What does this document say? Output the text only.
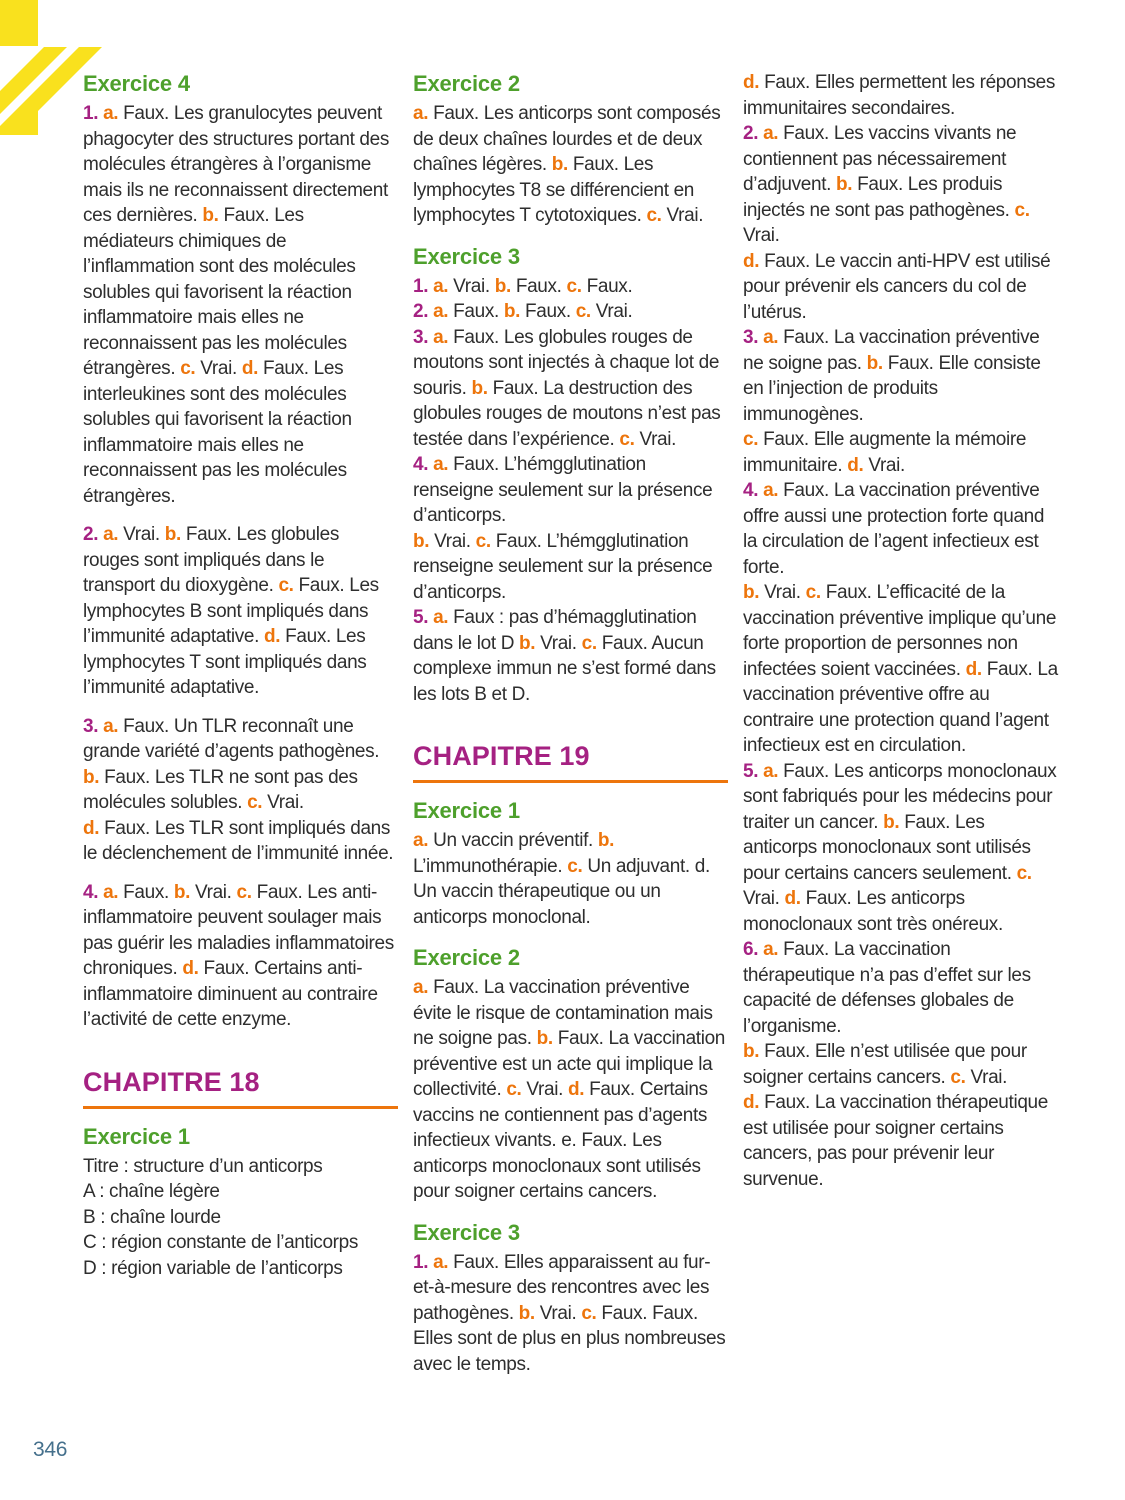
Exercice 4

1. a. Faux. Les granulocytes peuvent phagocyter des structures portant des molécules étrangères à l’organisme mais ils ne reconnaissent directement ces dernières. b. Faux. Les médiateurs chimiques de l’inflammation sont des molécules solubles qui favorisent la réaction inflammatoire mais elles ne reconnaissent pas les molécules étrangères. c. Vrai. d. Faux. Les interleukines sont des molécules solubles qui favorisent la réaction inflammatoire mais elles ne reconnaissent pas les molécules étrangères.

2. a. Vrai. b. Faux. Les globules rouges sont impliqués dans le transport du dioxygène. c. Faux. Les lymphocytes B sont impliqués dans l’immunité adaptative. d. Faux. Les lymphocytes T sont impliqués dans l’immunité adaptative.

3. a. Faux. Un TLR reconnaît une grande variété d’agents pathogènes.

b. Faux. Les TLR ne sont pas des molécules solubles. c. Vrai.

d. Faux. Les TLR sont impliqués dans le déclenchement de l’immunité innée.

4. a. Faux. b. Vrai. c. Faux. Les anti-inflammatoire peuvent soulager mais pas guérir les maladies inflammatoires chroniques. d. Faux. Certains anti-inflammatoire diminuent au contraire l’activité de cette enzyme.

CHAPITRE 18
Exercice 1

Titre : structure d’un anticorps

A : chaîne légère

B : chaîne lourde

C : région constante de l’anticorps

D : région variable de l’anticorps

Exercice 2

a. Faux. Les anticorps sont composés de deux chaînes lourdes et de deux chaînes légères. b. Faux. Les lymphocytes T8 se différencient en lymphocytes T cytotoxiques. c. Vrai.

Exercice 3

1. a. Vrai. b. Faux. c. Faux.

2. a. Faux. b. Faux. c. Vrai.

3. a. Faux. Les globules rouges de moutons sont injectés à chaque lot de souris. b. Faux. La destruction des globules rouges de moutons n’est pas testée dans l’expérience. c. Vrai.

4. a. Faux. L’hémgglutination renseigne seulement sur la présence d’anticorps.

b. Vrai. c. Faux. L’hémgglutination renseigne seulement sur la présence d’anticorps.

5. a. Faux : pas d’hémagglutination dans le lot D b. Vrai. c. Faux. Aucun complexe immun ne s’est formé dans les lots B et D.

CHAPITRE 19
Exercice 1

a. Un vaccin préventif. b. L’immunothérapie. c. Un adjuvant. d. Un vaccin thérapeutique ou un anticorps monoclonal.

Exercice 2

a. Faux. La vaccination préventive évite le risque de contamination mais ne soigne pas. b. Faux. La vaccination préventive est un acte qui implique la collectivité. c. Vrai. d. Faux. Certains vaccins ne contiennent pas d’agents infectieux vivants. e. Faux. Les anticorps monoclonaux sont utilisés pour soigner certains cancers.

Exercice 3

1. a. Faux. Elles apparaissent au fur-et-à-mesure des rencontres avec les pathogènes. b. Vrai. c. Faux. Faux. Elles sont de plus en plus nombreuses avec le temps.

d. Faux. Elles permettent les réponses immunitaires secondaires.

2. a. Faux. Les vaccins vivants ne contiennent pas nécessairement d’adjuvent. b. Faux. Les produis injectés ne sont pas pathogènes. c. Vrai.

d. Faux. Le vaccin anti-HPV est utilisé pour prévenir els cancers du col de l’utérus.

3. a. Faux. La vaccination préventive ne soigne pas. b. Faux. Elle consiste en l’injection de produits immunogènes.

c. Faux. Elle augmente la mémoire immunitaire. d. Vrai.

4. a. Faux. La vaccination préventive offre aussi une protection forte quand la circulation de l’agent infectieux est forte.

b. Vrai. c. Faux. L’efficacité de la vaccination préventive implique qu’une forte proportion de personnes non infectées soient vaccinées. d. Faux. La vaccination préventive offre au contraire une protection quand l’agent infectieux est en circulation.

5. a. Faux. Les anticorps monoclonaux sont fabriqués pour les médecins pour traiter un cancer. b. Faux. Les anticorps monoclonaux sont utilisés pour certains cancers seulement. c. Vrai. d. Faux. Les anticorps monoclonaux sont très onéreux.

6. a. Faux. La vaccination thérapeutique n’a pas d’effet sur les capacité de défenses globales de l’organisme.

b. Faux. Elle n’est utilisée que pour soigner certains cancers. c. Vrai.

d. Faux. La vaccination thérapeutique est utilisée pour soigner certains cancers, pas pour prévenir leur survenue.

346
